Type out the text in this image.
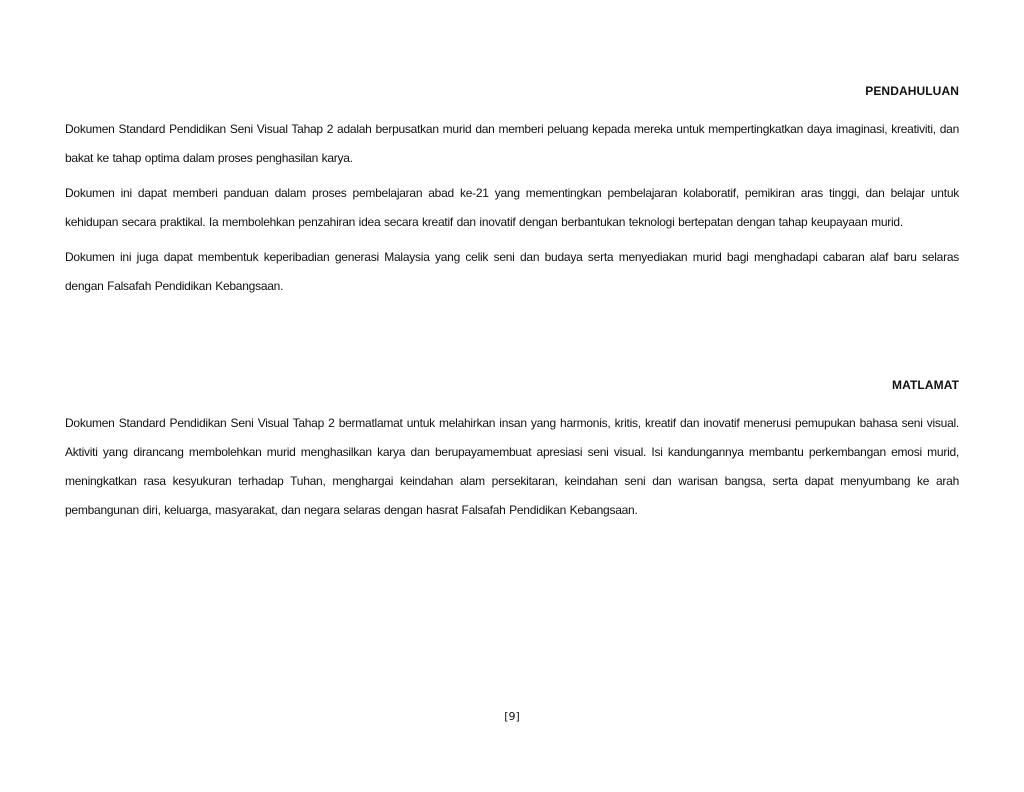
PENDAHULUAN

Dokumen Standard Pendidikan Seni Visual Tahap 2 adalah berpusatkan murid dan memberi peluang kepada mereka untuk mempertingkatkan daya imaginasi, kreativiti, dan bakat ke tahap optima dalam proses penghasilan karya.

Dokumen ini dapat memberi panduan dalam proses pembelajaran abad ke-21 yang mementingkan pembelajaran kolaboratif, pemikiran aras tinggi, dan belajar untuk kehidupan secara praktikal. Ia membolehkan penzahiran idea secara kreatif dan inovatif dengan berbantukan teknologi bertepatan dengan tahap keupayaan murid.

Dokumen ini juga dapat membentuk keperibadian generasi Malaysia yang celik seni dan budaya serta menyediakan murid bagi menghadapi cabaran alaf baru selaras dengan Falsafah Pendidikan Kebangsaan.

MATLAMAT

Dokumen Standard Pendidikan Seni Visual Tahap 2 bermatlamat untuk melahirkan insan yang harmonis, kritis, kreatif dan inovatif menerusi pemupukan bahasa seni visual. Aktiviti yang dirancang membolehkan murid menghasilkan karya dan berupayamembuat apresiasi seni visual. Isi kandungannya membantu perkembangan emosi murid, meningkatkan rasa kesyukuran terhadap Tuhan, menghargai keindahan alam persekitaran, keindahan seni dan warisan bangsa, serta dapat menyumbang ke arah pembangunan diri, keluarga, masyarakat, dan negara selaras dengan hasrat Falsafah Pendidikan Kebangsaan.

[9]
